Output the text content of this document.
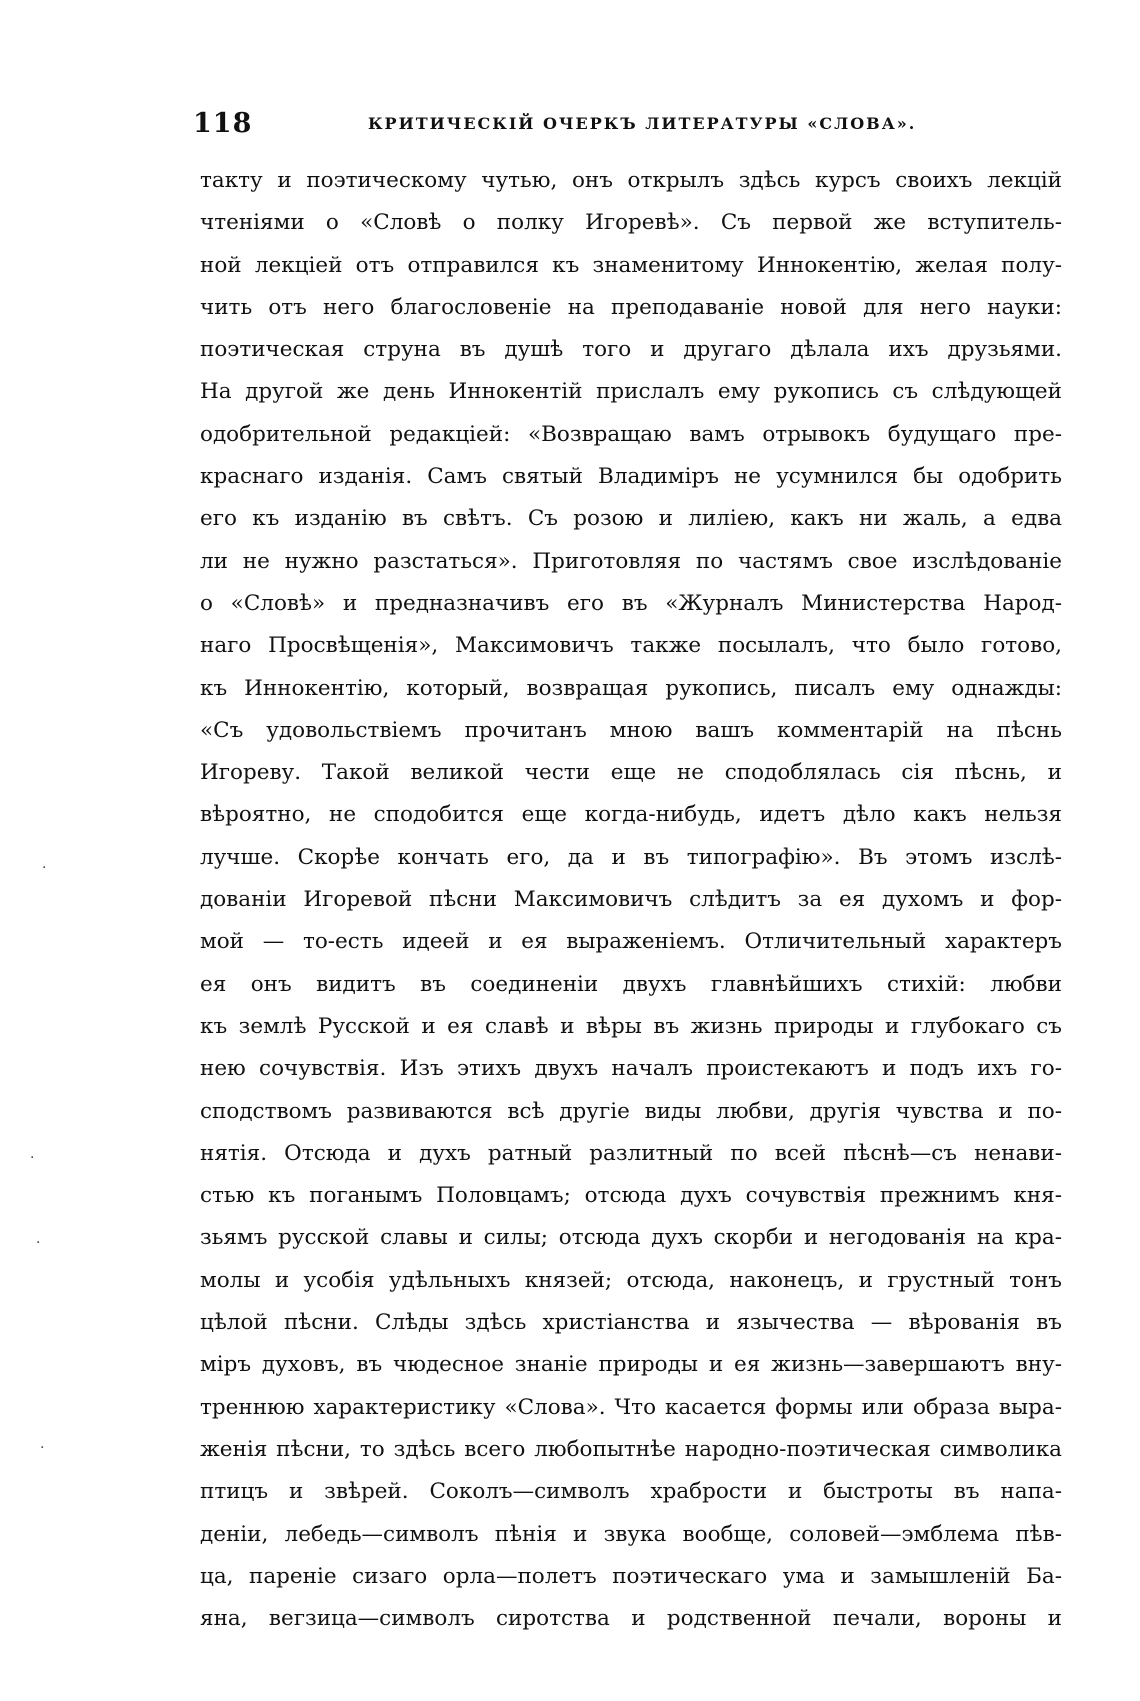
118	КРИТИЧЕСКІЙ ОЧЕРКЪ ЛИТЕРАТУРЫ «СЛОВА».
такту и поэтическому чутью, онъ открылъ здѣсь курсъ своихъ лекцій
чтеніями о «Словѣ о полку Игоревѣ». Съ первой же вступитель-
ной лекціей отъ отправился къ знаменитому Иннокентію, желая полу-
чить отъ него благословеніе на преподаваніе новой для него науки:
поэтическая струна въ душѣ того и другаго дѣлала ихъ друзьями.
На другой же день Иннокентій прислалъ ему рукопись съ слѣдующей
одобрительной редакціей: «Возвращаю вамъ отрывокъ будущаго пре-
краснаго изданія. Самъ святый Владиміръ не усумнился бы одобрить
его къ изданію въ свѣтъ. Съ розою и лиліею, какъ ни жаль, а едва
ли не нужно разстаться». Приготовляя по частямъ свое изслѣдованіе
о «Словѣ» и предназначивъ его въ «Журналъ Министерства Народ-
наго Просвѣщенія», Максимовичъ также посылалъ, что было готово,
къ Иннокентію, который, возвращая рукопись, писалъ ему однажды:
«Съ удовольствіемъ прочитанъ мною вашъ комментарій на пѣснь
Игореву. Такой великой чести еще не сподоблялась сія пѣснь, и
вѣроятно, не сподобится еще когда-нибудь, идетъ дѣло какъ нельзя
лучше. Скорѣе кончать его, да и въ типографію». Въ этомъ изслѣ-
дованіи Игоревой пѣсни Максимовичъ слѣдитъ за ея духомъ и фор-
мой — то-есть идеей и ея выраженіемъ. Отличительный характеръ
ея онъ видитъ въ соединеніи двухъ главнѣйшихъ стихій: любви
къ землѣ Русской и ея славѣ и вѣры въ жизнь природы и глубокаго съ
нею сочувствія. Изъ этихъ двухъ началъ проистекаютъ и подъ ихъ го-
сподствомъ развиваются всѣ другіе виды любви, другія чувства и по-
нятія. Отсюда и духъ ратный разлитный по всей пѣснѣ—съ ненави-
стью къ поганымъ Половцамъ; отсюда духъ сочувствія прежнимъ кня-
зьямъ русской славы и силы; отсюда духъ скорби и негодованія на кра-
молы и усобія удѣльныхъ князей; отсюда, наконецъ, и грустный тонъ
цѣлой пѣсни. Слѣды здѣсь христіанства и язычества — вѣрованія въ
міръ духовъ, въ чюдесное знаніе природы и ея жизнь—завершаютъ вну-
треннюю характеристику «Слова». Что касается формы или образа выра-
женія пѣсни, то здѣсь всего любопытнѣе народно-поэтическая символика
птицъ и звѣрей. Соколъ—символъ храбрости и быстроты въ напа-
деніи, лебедь—символъ пѣнія и звука вообще, соловей—эмблема пѣв-
ца, пареніе сизаго орла—полетъ поэтическаго ума и замышленій Ба-
яна, вегзица—символъ сиротства и родственной печали, вороны и
·
·
·
·
